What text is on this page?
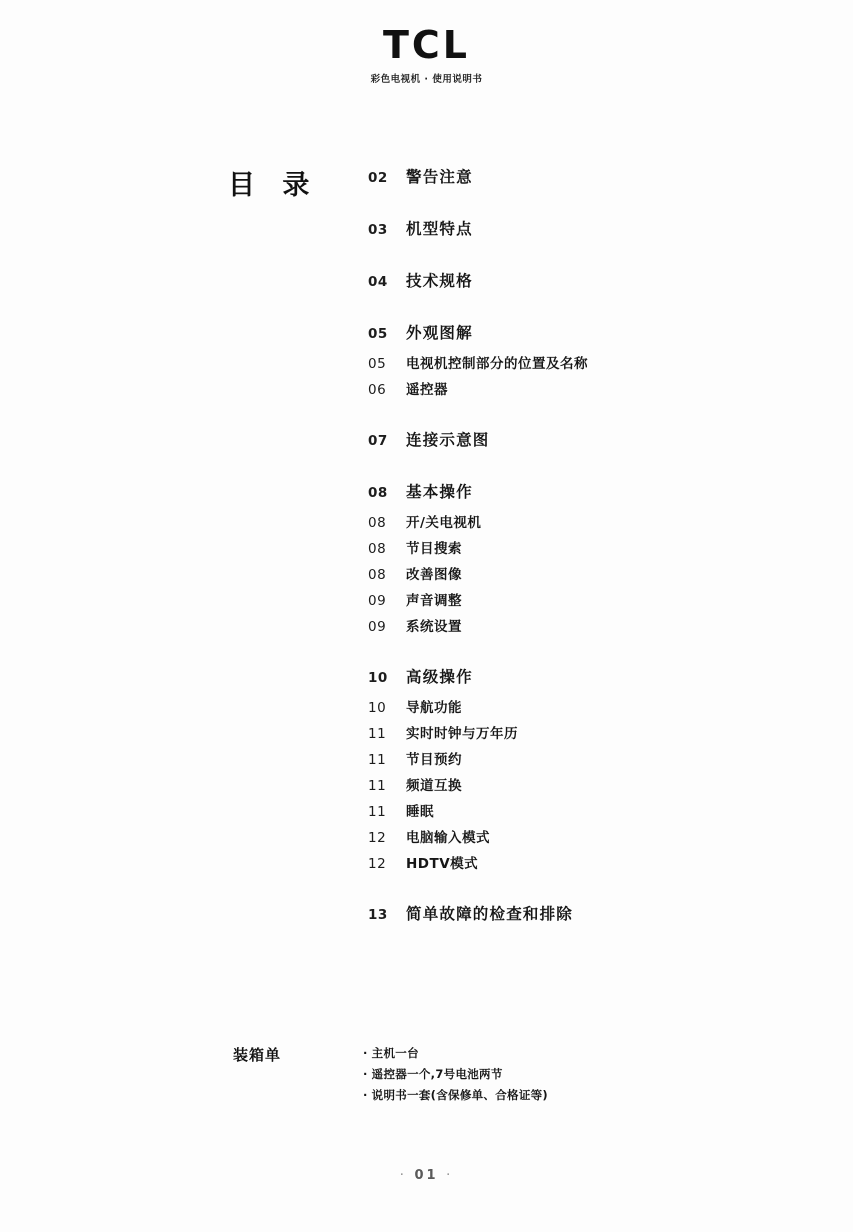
TCL
彩色电视机 · 使用说明书
目 录	02	警告注意
03	机型特点
04	技术规格
05	外观图解
05	电视机控制部分的位置及名称
06	遥控器
07	连接示意图
08	基本操作
08	开/关电视机
08	节目搜索
08	改善图像
09	声音调整
09	系统设置
10	高级操作
10	导航功能
11	实时时钟与万年历
11	节目预约
11	频道互换
11	睡眠
12	电脑输入模式
12	HDTV模式
13	简单故障的检查和排除
装箱单	· 主机一台
· 遥控器一个,7号电池两节
· 说明书一套(含保修单、合格证等)
· 01 ·
